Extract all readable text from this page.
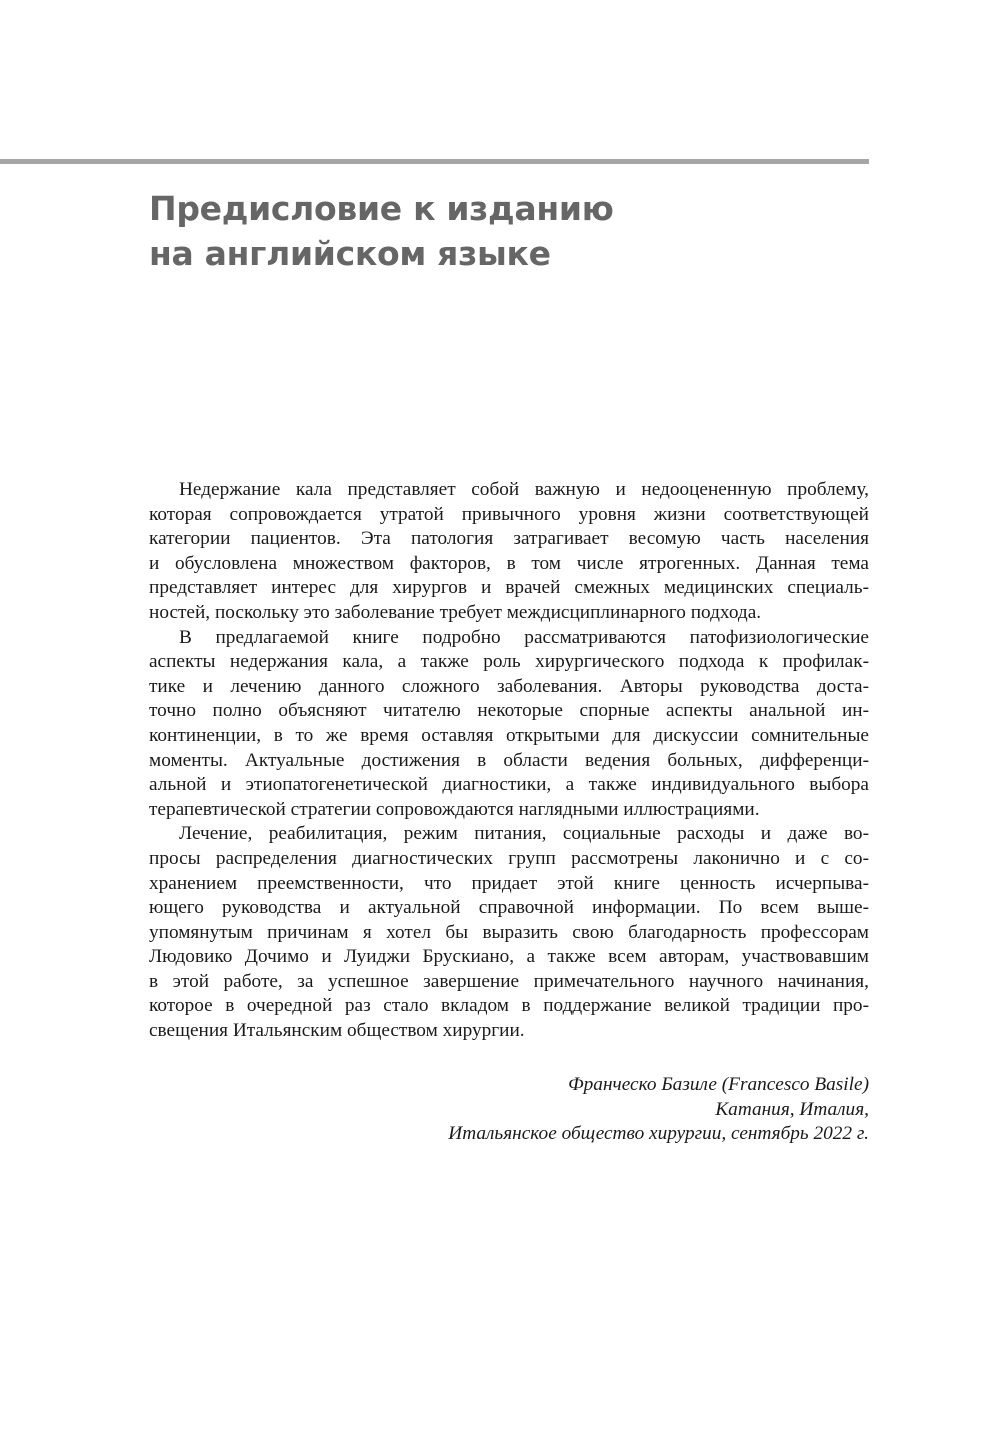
Предисловие к изданию
на английском языке
Недержание кала представляет собой важную и недооцененную проблему,
которая сопровождается утратой привычного уровня жизни соответствующей
категории пациентов. Эта патология затрагивает весомую часть населения
и обусловлена множеством факторов, в том числе ятрогенных. Данная тема
представляет интерес для хирургов и врачей смежных медицинских специаль-
ностей, поскольку это заболевание требует междисциплинарного подхода.
В предлагаемой книге подробно рассматриваются патофизиологические
аспекты недержания кала, а также роль хирургического подхода к профилак-
тике и лечению данного сложного заболевания. Авторы руководства доста-
точно полно объясняют читателю некоторые спорные аспекты анальной ин-
континенции, в то же время оставляя открытыми для дискуссии сомнительные
моменты. Актуальные достижения в области ведения больных, дифференци-
альной и этиопатогенетической диагностики, а также индивидуального выбора
терапевтической стратегии сопровождаются наглядными иллюстрациями.
Лечение, реабилитация, режим питания, социальные расходы и даже во-
просы распределения диагностических групп рассмотрены лаконично и с со-
хранением преемственности, что придает этой книге ценность исчерпыва-
ющего руководства и актуальной справочной информации. По всем выше-
упомянутым причинам я хотел бы выразить свою благодарность профессорам
Людовико Дочимо и Луиджи Брускиано, а также всем авторам, участвовавшим
в этой работе, за успешное завершение примечательного научного начинания,
которое в очередной раз стало вкладом в поддержание великой традиции про-
свещения Итальянским обществом хирургии.
Франческо Базиле (Francesco Basile)
Катания, Италия,
Итальянское общество хирургии, сентябрь 2022 г.
